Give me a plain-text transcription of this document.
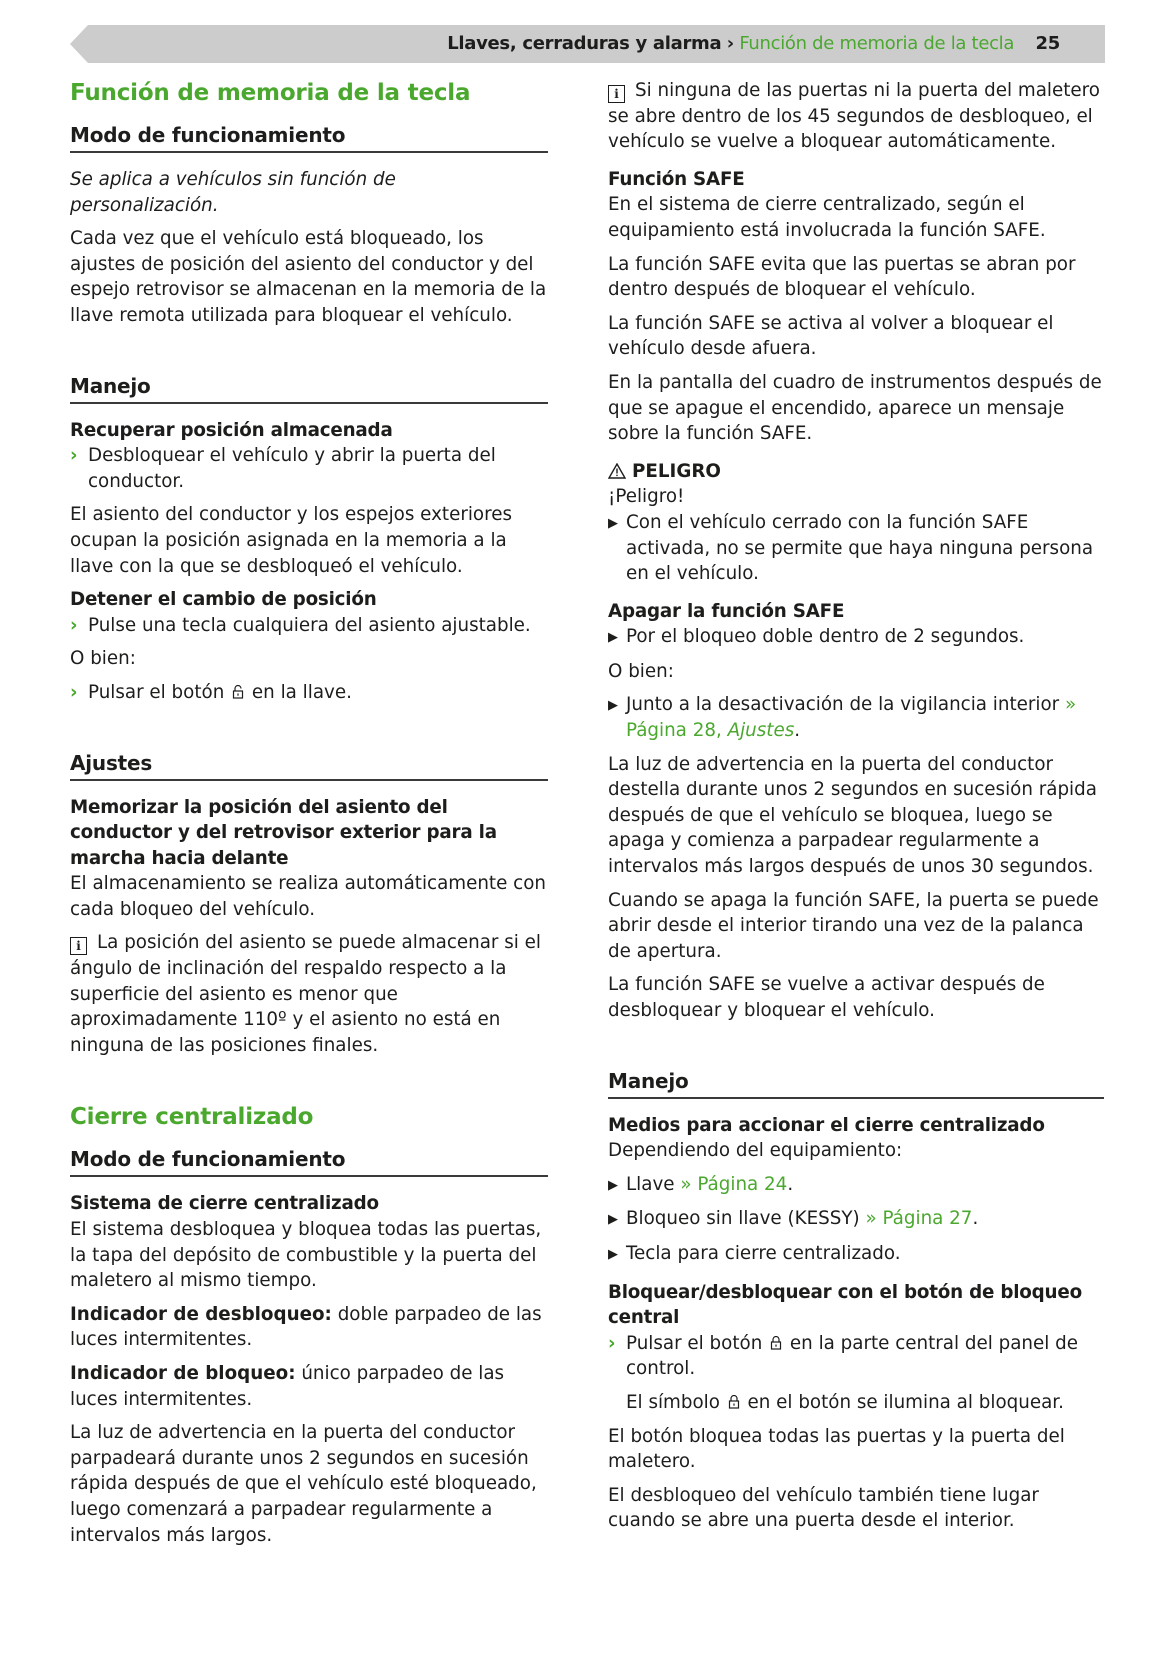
Llaves, cerraduras y alarma › Función de memoria de la tecla 25
Función de memoria de la tecla
Modo de funcionamiento

Se aplica a vehículos sin función de personalización.

Cada vez que el vehículo está bloqueado, los ajustes de posición del asiento del conductor y del espejo retrovisor se almacenan en la memoria de la llave remota utilizada para bloquear el vehículo.

Manejo
Recuperar posición almacenada
› Desbloquear el vehículo y abrir la puerta del conductor.

El asiento del conductor y los espejos exteriores ocupan la posición asignada en la memoria a la llave con la que se desbloqueó el vehículo.

Detener el cambio de posición
› Pulse una tecla cualquiera del asiento ajustable.

O bien:

› Pulsar el botón en la llave.
Ajustes
Memorizar la posición del asiento del conductor y del retrovisor exterior para la marcha hacia delante

El almacenamiento se realiza automáticamente con cada bloqueo del vehículo.

i La posición del asiento se puede almacenar si el ángulo de inclinación del respaldo respecto a la superficie del asiento es menor que aproximadamente 110º y el asiento no está en ninguna de las posiciones finales.

Cierre centralizado
Modo de funcionamiento
Sistema de cierre centralizado

El sistema desbloquea y bloquea todas las puertas, la tapa del depósito de combustible y la puerta del maletero al mismo tiempo.

Indicador de desbloqueo: doble parpadeo de las luces intermitentes.

Indicador de bloqueo: único parpadeo de las luces intermitentes.

La luz de advertencia en la puerta del conductor parpadeará durante unos 2 segundos en sucesión rápida después de que el vehículo esté bloqueado, luego comenzará a parpadear regularmente a intervalos más largos.

i Si ninguna de las puertas ni la puerta del maletero se abre dentro de los 45 segundos de desbloqueo, el vehículo se vuelve a bloquear automáticamente.

Función SAFE

En el sistema de cierre centralizado, según el equipamiento está involucrada la función SAFE.

La función SAFE evita que las puertas se abran por dentro después de bloquear el vehículo.

La función SAFE se activa al volver a bloquear el vehículo desde afuera.

En la pantalla del cuadro de instrumentos después de que se apague el encendido, aparece un mensaje sobre la función SAFE.

PELIGRO
¡Peligro!
▶ Con el vehículo cerrado con la función SAFE activada, no se permite que haya ninguna persona en el vehículo.
Apagar la función SAFE
▶ Por el bloqueo doble dentro de 2 segundos.

O bien:

▶ Junto a la desactivación de la vigilancia interior » Página 28, Ajustes.

La luz de advertencia en la puerta del conductor destella durante unos 2 segundos en sucesión rápida después de que el vehículo se bloquea, luego se apaga y comienza a parpadear regularmente a intervalos más largos después de unos 30 segundos.

Cuando se apaga la función SAFE, la puerta se puede abrir desde el interior tirando una vez de la palanca de apertura.

La función SAFE se vuelve a activar después de desbloquear y bloquear el vehículo.

Manejo
Medios para accionar el cierre centralizado

Dependiendo del equipamiento:

▶ Llave » Página 24.
▶ Bloqueo sin llave (KESSY) » Página 27.
▶ Tecla para cierre centralizado.
Bloquear/desbloquear con el botón de bloqueo central
› Pulsar el botón en la parte central del panel de control.

El símbolo en el botón se ilumina al bloquear.

El botón bloquea todas las puertas y la puerta del maletero.

El desbloqueo del vehículo también tiene lugar cuando se abre una puerta desde el interior.
